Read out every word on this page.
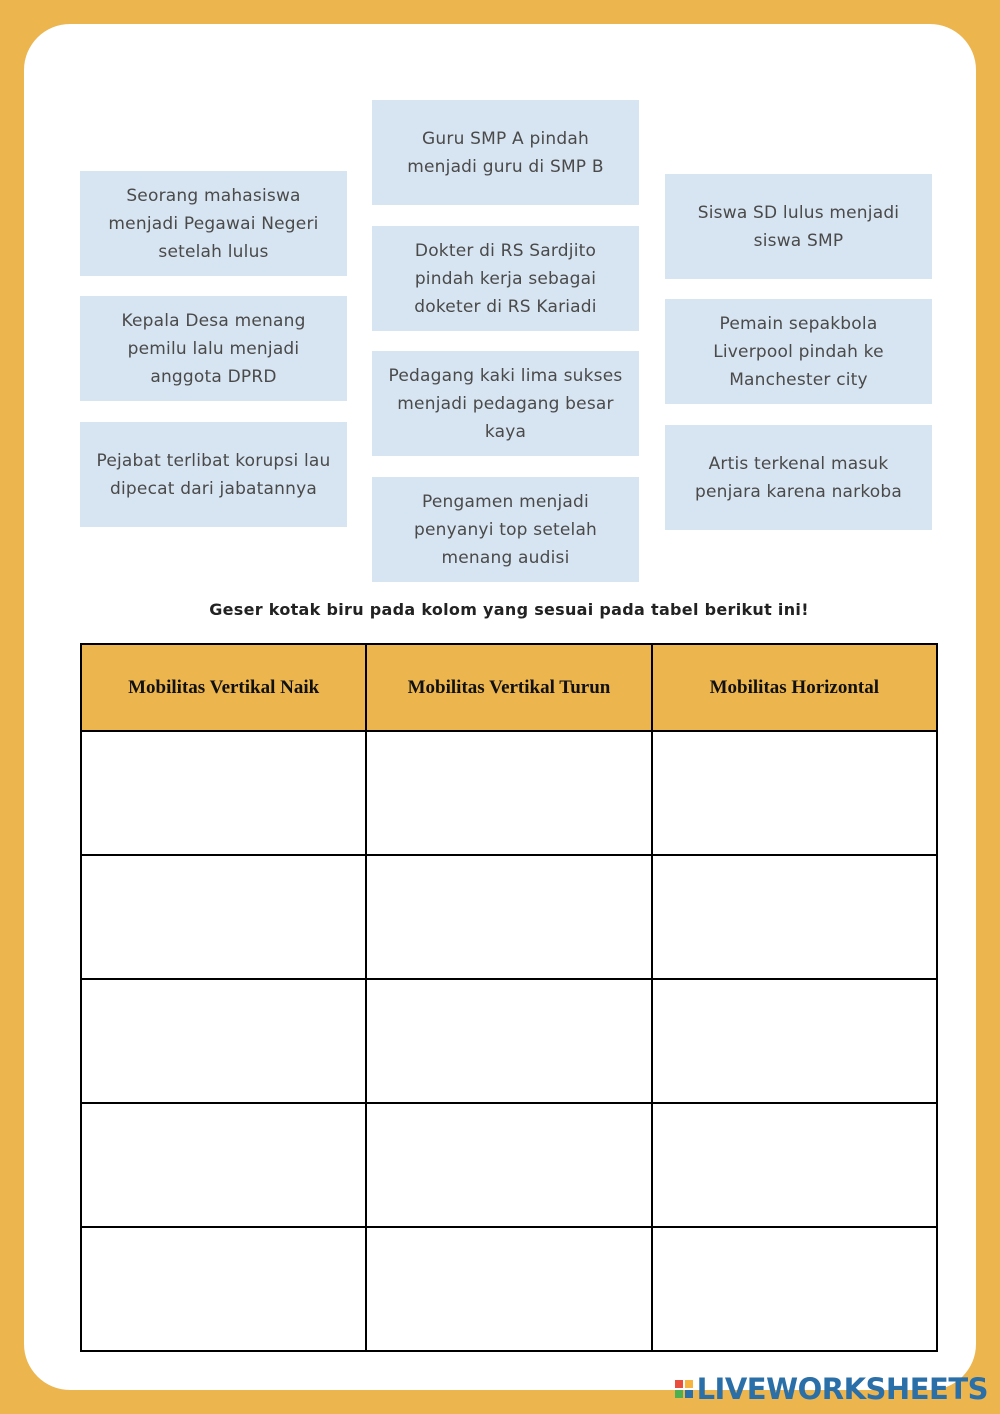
Seorang mahasiswa menjadi Pegawai Negeri setelah lulus
Kepala Desa menang pemilu lalu menjadi anggota DPRD
Pejabat terlibat korupsi lau dipecat dari jabatannya
Guru SMP A pindah menjadi guru di SMP B
Dokter di RS Sardjito pindah kerja sebagai doketer di RS Kariadi
Pedagang kaki lima sukses menjadi pedagang besar kaya
Pengamen menjadi penyanyi top setelah menang audisi
Siswa SD lulus menjadi siswa SMP
Pemain sepakbola Liverpool pindah ke Manchester city
Artis terkenal masuk penjara karena narkoba
Geser kotak biru pada kolom yang sesuai pada tabel berikut ini!
Mobilitas Vertikal Naik	Mobilitas Vertikal Turun	Mobilitas Horizontal

LIVEWORKSHEETS
